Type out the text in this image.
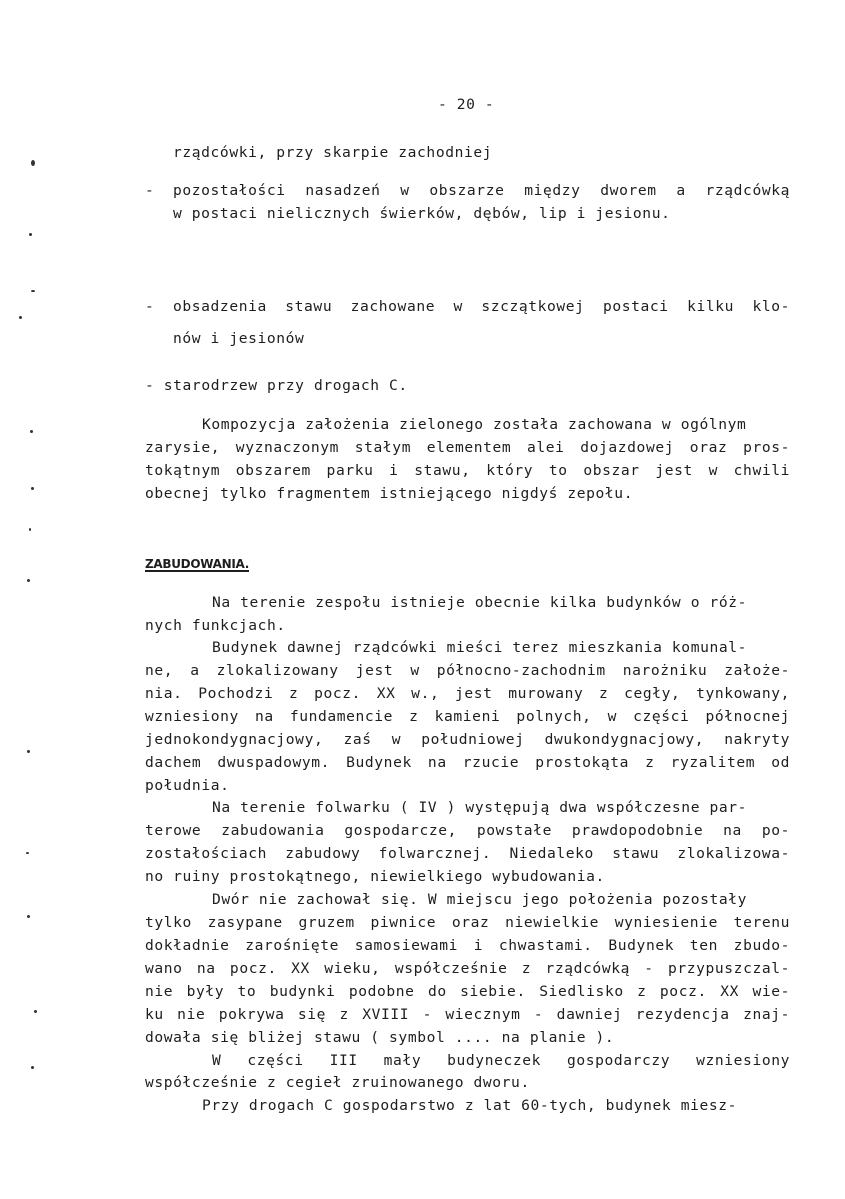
- 20 -
rządcówki, przy skarpie zachodniej
- pozostałości nasadzeń w obszarze między dworem a rządcówką
w postaci nielicznych świerków, dębów, lip i jesionu.
- obsadzenia stawu zachowane w szczątkowej postaci kilku klo-
nów i jesionów
- starodrzew przy drogach C.
Kompozycja założenia zielonego została zachowana w ogólnym
zarysie, wyznaczonym stałym elementem alei dojazdowej oraz pros-
tokątnym obszarem parku i stawu, który to obszar jest w chwili
obecnej tylko fragmentem istniejącego nigdyś zepołu.
ZABUDOWANIA.
Na terenie zespołu istnieje obecnie kilka budynków o róż-
nych funkcjach.
Budynek dawnej rządcówki mieści terez mieszkania komunal-
ne, a zlokalizowany jest w północno-zachodnim narożniku założe-
nia. Pochodzi z pocz. XX w., jest murowany z cegły, tynkowany,
wzniesiony na fundamencie z kamieni polnych, w części północnej
jednokondygnacjowy, zaś w południowej dwukondygnacjowy, nakryty
dachem dwuspadowym. Budynek na rzucie prostokąta z ryzalitem od
południa.
Na terenie folwarku ( IV ) występują dwa współczesne par-
terowe zabudowania gospodarcze, powstałe prawdopodobnie na po-
zostałościach zabudowy folwarcznej. Niedaleko stawu zlokalizowa-
no ruiny prostokątnego, niewielkiego wybudowania.
Dwór nie zachował się. W miejscu jego położenia pozostały
tylko zasypane gruzem piwnice oraz niewielkie wyniesienie terenu
dokładnie zarośnięte samosiewami i chwastami. Budynek ten zbudo-
wano na pocz. XX wieku, współcześnie z rządcówką - przypuszczal-
nie były to budynki podobne do siebie. Siedlisko z pocz. XX wie-
ku nie pokrywa się z XVIII - wiecznym - dawniej rezydencja znaj-
dowała się bliżej stawu ( symbol .... na planie ).
W części III mały budyneczek gospodarczy wzniesiony
współcześnie z cegieł zruinowanego dworu.
Przy drogach C gospodarstwo z lat 60-tych, budynek miesz-
